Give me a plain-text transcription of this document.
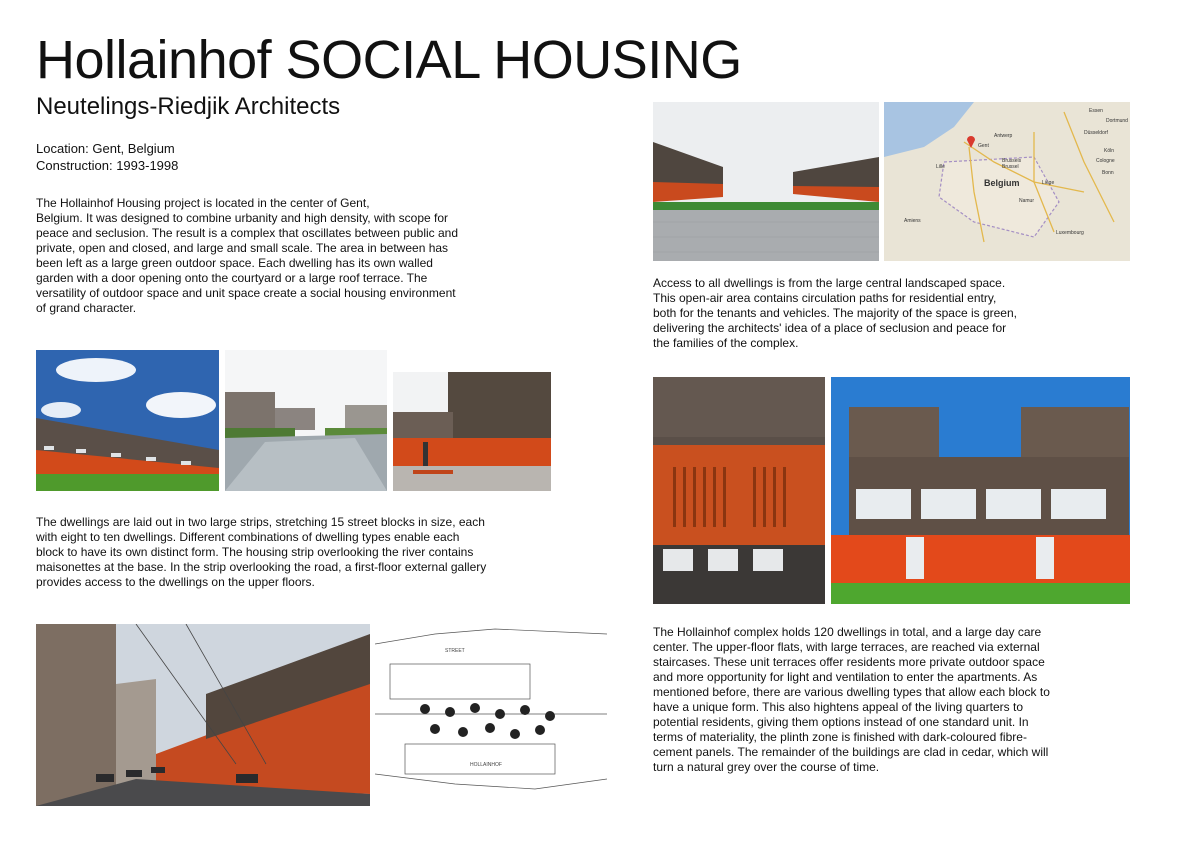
Hollainhof SOCIAL HOUSING
Neutelings-Riedjik Architects
Location: Gent, Belgium
Construction: 1993-1998
The Hollainhof Housing project is located in the center of Gent,
Belgium. It was designed to combine urbanity and high density, with scope for
peace and seclusion. The result is a complex that oscillates between public and
private, open and closed, and large and small scale. The area in between has
been left as a large green outdoor space. Each dwelling has its own walled
garden with a door opening onto the courtyard or a large roof terrace. The
versatility of outdoor space and unit space create a social housing environment
of grand character.
The dwellings are laid out in two large strips, stretching 15 street blocks in size, each
with eight to ten dwellings. Different combinations of dwelling types enable each
block to have its own distinct form. The housing strip overlooking the river contains
maisonettes at the base. In the strip overlooking the road, a first-floor external gallery
provides access to the dwellings on the upper floors.
STREET
HOLLAINHOF
Belgium
Brussels
Brussel
Antwerp
Gent
Liège
Lille
Köln
Essen
Cologne
Bonn
Dortmund
Düsseldorf
Namur
Luxembourg
Amiens
Access to all dwellings is from the large central landscaped space.
This open-air area contains circulation paths for residential entry,
both for the tenants and vehicles. The majority of the space is green,
delivering the architects' idea of a place of seclusion and peace for
the families of the complex.
The Hollainhof complex holds 120 dwellings in total, and a large day care
center. The upper-floor flats, with large terraces, are reached via external
staircases. These unit terraces offer residents more private outdoor space
and more opportunity for light and ventilation to enter the apartments. As
mentioned before, there are various dwelling types that allow each block to
have a unique form. This also hightens appeal of the living quarters to
potential residents, giving them options instead of one standard unit. In
terms of materiality, the plinth zone is finished with dark-coloured fibre-
cement panels. The remainder of the buildings are clad in cedar, which will
turn a natural grey over the course of time.
